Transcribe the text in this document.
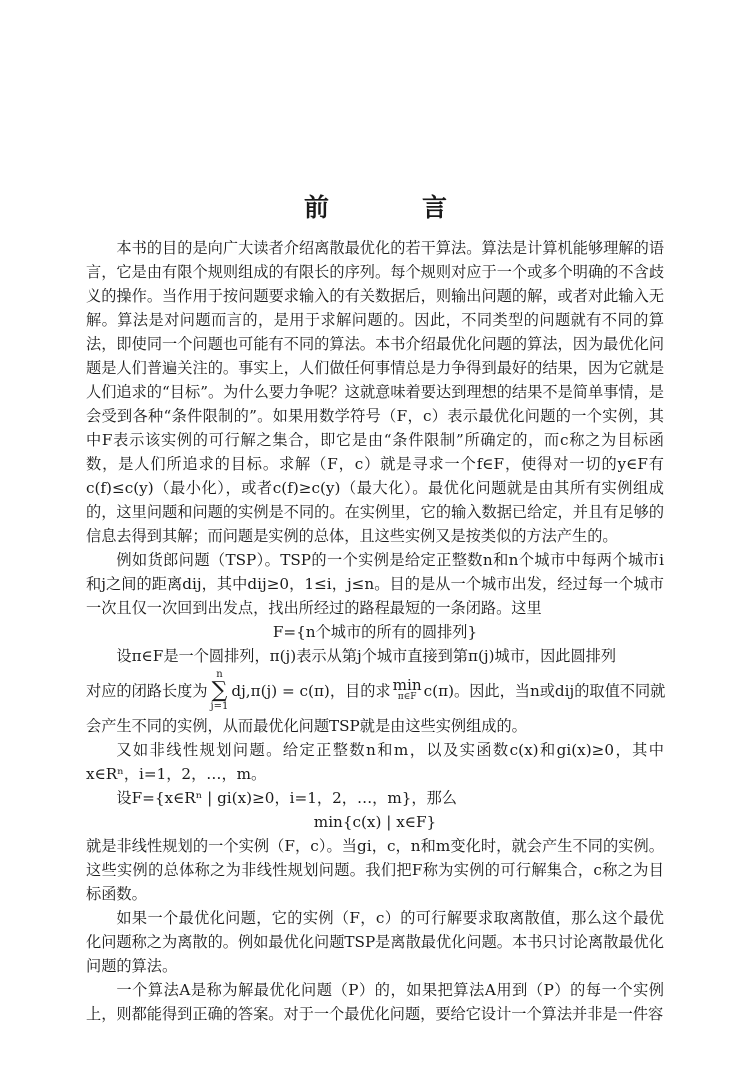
前　言

本书的目的是向广大读者介绍离散最优化的若干算法。算法是计算机能够理解的语言，它是由有限个规则组成的有限长的序列。每个规则对应于一个或多个明确的不含歧义的操作。当作用于按问题要求输入的有关数据后，则输出问题的解，或者对此输入无解。算法是对问题而言的，是用于求解问题的。因此，不同类型的问题就有不同的算法，即使同一个问题也可能有不同的算法。本书介绍最优化问题的算法，因为最优化问题是人们普遍关注的。事实上，人们做任何事情总是力争得到最好的结果，因为它就是人们追求的“目标”。为什么要力争呢？这就意味着要达到理想的结果不是简单事情，是会受到各种“条件限制的”。如果用数学符号（F，c）表示最优化问题的一个实例，其中F表示该实例的可行解之集合，即它是由“条件限制”所确定的，而c称之为目标函数，是人们所追求的目标。求解（F，c）就是寻求一个f∈F，使得对一切的y∈F有c(f)≤c(y)（最小化），或者c(f)≥c(y)（最大化）。最优化问题就是由其所有实例组成的，这里问题和问题的实例是不同的。在实例里，它的输入数据已给定，并且有足够的信息去得到其解；而问题是实例的总体，且这些实例又是按类似的方法产生的。

例如货郎问题（TSP）。TSP的一个实例是给定正整数n和n个城市中每两个城市i和j之间的距离dij，其中dij≥0，1≤i，j≤n。目的是从一个城市出发，经过每一个城市一次且仅一次回到出发点，找出所经过的路程最短的一条闭路。这里

F={n个城市的所有的圆排列}

设π∈F是一个圆排列，π(j)表示从第j个城市直接到第π(j)城市，因此圆排列

对应的闭路长度为
n
∑
j=1
dj,π(j) = c(π)，目的求 min
π∈F c(π)。因此，当n或dij的取值不同就

会产生不同的实例，从而最优化问题TSP就是由这些实例组成的。

又如非线性规划问题。给定正整数n和m，以及实函数c(x)和gi(x)≥0，其中x∈Rⁿ，i=1，2，…，m。

设F={x∈Rⁿ | gi(x)≥0，i=1，2，…，m}，那么

min{c(x) | x∈F}

就是非线性规划的一个实例（F，c）。当gi，c，n和m变化时，就会产生不同的实例。这些实例的总体称之为非线性规划问题。我们把F称为实例的可行解集合，c称之为目标函数。

如果一个最优化问题，它的实例（F，c）的可行解要求取离散值，那么这个最优化问题称之为离散的。例如最优化问题TSP是离散最优化问题。本书只讨论离散最优化问题的算法。

一个算法A是称为解最优化问题（P）的，如果把算法A用到（P）的每一个实例上，则都能得到正确的答案。对于一个最优化问题，要给它设计一个算法并非是一件容
